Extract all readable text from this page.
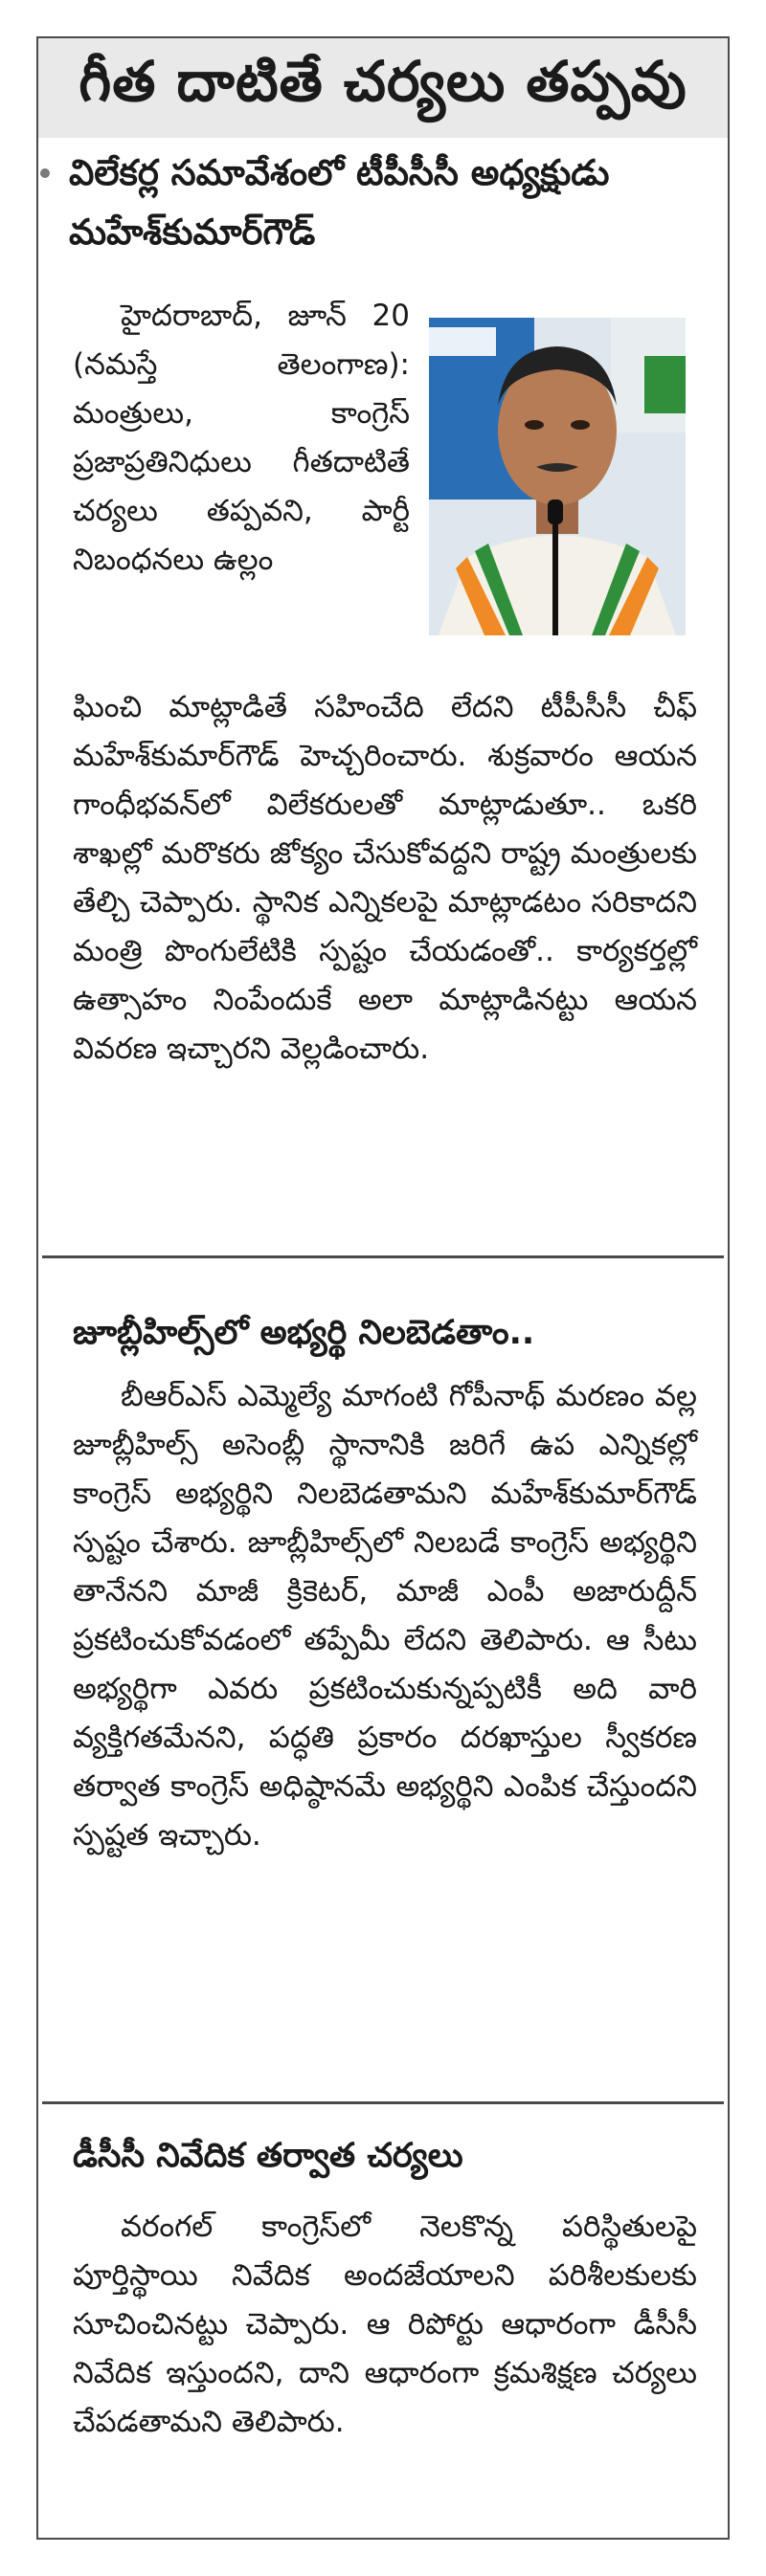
గీత దాటితే చర్యలు తప్పవు
విలేకర్ల సమావేశంలో టీపీసీసీ అధ్యక్షుడు మహేశ్‌కుమార్‌గౌడ్
హైదరాబాద్, జూన్ 20 (నమస్తే తెలంగాణ): మంత్రులు, కాంగ్రెస్ ప్రజాప్రతినిధులు గీతదాటితే చర్యలు తప్పవని, పార్టీ నిబంధనలు ఉల్లం
ఘించి మాట్లాడితే సహించేది లేదని టీపీసీసీ చీఫ్ మహేశ్‌కుమార్‌గౌడ్ హెచ్చరించారు. శుక్రవారం ఆయన గాంధీభవన్‌లో విలేకరులతో మాట్లాడుతూ.. ఒకరి శాఖల్లో మరొకరు జోక్యం చేసుకోవద్దని రాష్ట్ర మంత్రులకు తేల్చి చెప్పారు. స్థానిక ఎన్నికలపై మాట్లాడటం సరికాదని మంత్రి పొంగులేటికి స్పష్టం చేయడంతో.. కార్యకర్తల్లో ఉత్సాహం నింపేందుకే అలా మాట్లాడినట్టు ఆయన వివరణ ఇచ్చారని వెల్లడించారు.
జూబ్లీహిల్స్‌లో అభ్యర్థి నిలబెడతాం..
బీఆర్‌ఎస్ ఎమ్మెల్యే మాగంటి గోపీనాథ్ మరణం వల్ల జూబ్లీహిల్స్ అసెంబ్లీ స్థానానికి జరిగే ఉప ఎన్నికల్లో కాంగ్రెస్ అభ్యర్థిని నిలబెడతామని మహేశ్‌కుమార్‌గౌడ్ స్పష్టం చేశారు. జూబ్లీహిల్స్‌లో నిలబడే కాంగ్రెస్ అభ్యర్థిని తానేనని మాజీ క్రికెటర్, మాజీ ఎంపీ అజారుద్దీన్ ప్రకటించుకోవడంలో తప్పేమీ లేదని తెలిపారు. ఆ సీటు అభ్యర్థిగా ఎవరు ప్రకటించుకున్నప్పటికీ అది వారి వ్యక్తిగతమేనని, పద్ధతి ప్రకారం దరఖాస్తుల స్వీకరణ తర్వాత కాంగ్రెస్ అధిష్ఠానమే అభ్యర్థిని ఎంపిక చేస్తుందని స్పష్టత ఇచ్చారు.
డీసీసీ నివేదిక తర్వాత చర్యలు
వరంగల్ కాంగ్రెస్‌లో నెలకొన్న పరిస్థితులపై పూర్తిస్థాయి నివేదిక అందజేయాలని పరిశీలకులకు సూచించినట్టు చెప్పారు. ఆ రిపోర్టు ఆధారంగా డీసీసీ నివేదిక ఇస్తుందని, దాని ఆధారంగా క్రమశిక్షణ చర్యలు చేపడతామని తెలిపారు.
